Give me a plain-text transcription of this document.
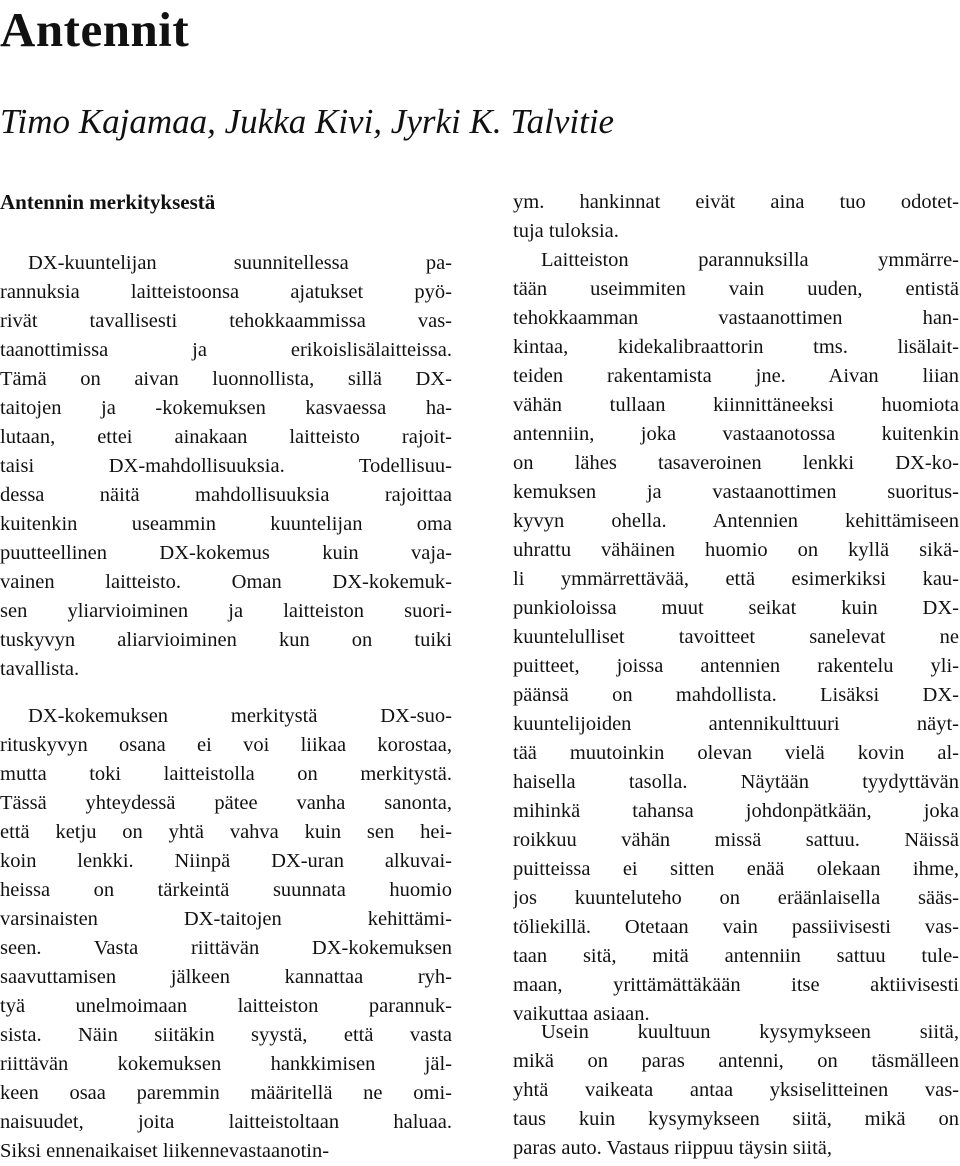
Antennit
Timo Kajamaa, Jukka Kivi, Jyrki K. Talvitie
Antennin merkityksestä
DX-kuuntelijan suunnitellessa pa-
rannuksia laitteistoonsa ajatukset pyö-
rivät tavallisesti tehokkaammissa vas-
taanottimissa ja erikoislisälaitteissa.
Tämä on aivan luonnollista, sillä DX-
taitojen ja -kokemuksen kasvaessa ha-
lutaan, ettei ainakaan laitteisto rajoit-
taisi DX-mahdollisuuksia. Todellisuu-
dessa näitä mahdollisuuksia rajoittaa
kuitenkin useammin kuuntelijan oma
puutteellinen DX-kokemus kuin vaja-
vainen laitteisto. Oman DX-kokemuk-
sen yliarvioiminen ja laitteiston suori-
tuskyvyn aliarvioiminen kun on tuiki
tavallista.
DX-kokemuksen merkitystä DX-suo-
rituskyvyn osana ei voi liikaa korostaa,
mutta toki laitteistolla on merkitystä.
Tässä yhteydessä pätee vanha sanonta,
että ketju on yhtä vahva kuin sen hei-
koin lenkki. Niinpä DX-uran alkuvai-
heissa on tärkeintä suunnata huomio
varsinaisten DX-taitojen kehittämi-
seen. Vasta riittävän DX-kokemuksen
saavuttamisen jälkeen kannattaa ryh-
tyä unelmoimaan laitteiston parannuk-
sista. Näin siitäkin syystä, että vasta
riittävän kokemuksen hankkimisen jäl-
keen osaa paremmin määritellä ne omi-
naisuudet, joita laitteistoltaan haluaa.
Siksi ennenaikaiset liikennevastaanotin-
ym. hankinnat eivät aina tuo odotet-
tuja tuloksia.
Laitteiston parannuksilla ymmärre-
tään useimmiten vain uuden, entistä
tehokkaamman vastaanottimen han-
kintaa, kidekalibraattorin tms. lisälait-
teiden rakentamista jne. Aivan liian
vähän tullaan kiinnittäneeksi huomiota
antenniin, joka vastaanotossa kuitenkin
on lähes tasaveroinen lenkki DX-ko-
kemuksen ja vastaanottimen suoritus-
kyvyn ohella. Antennien kehittämiseen
uhrattu vähäinen huomio on kyllä sikä-
li ymmärrettävää, että esimerkiksi kau-
punkioloissa muut seikat kuin DX-
kuuntelulliset tavoitteet sanelevat ne
puitteet, joissa antennien rakentelu yli-
päänsä on mahdollista. Lisäksi DX-
kuuntelijoiden antennikulttuuri näyt-
tää muutoinkin olevan vielä kovin al-
haisella tasolla. Näytään tyydyttävän
mihinkä tahansa johdonpätkään, joka
roikkuu vähän missä sattuu. Näissä
puitteissa ei sitten enää olekaan ihme,
jos kuunteluteho on eräänlaisella sääs-
töliekillä. Otetaan vain passiivisesti vas-
taan sitä, mitä antenniin sattuu tule-
maan, yrittämättäkään itse aktiivisesti
vaikuttaa asiaan.
Usein kuultuun kysymykseen siitä,
mikä on paras antenni, on täsmälleen
yhtä vaikeata antaa yksiselitteinen vas-
taus kuin kysymykseen siitä, mikä on
paras auto. Vastaus riippuu täysin siitä,
